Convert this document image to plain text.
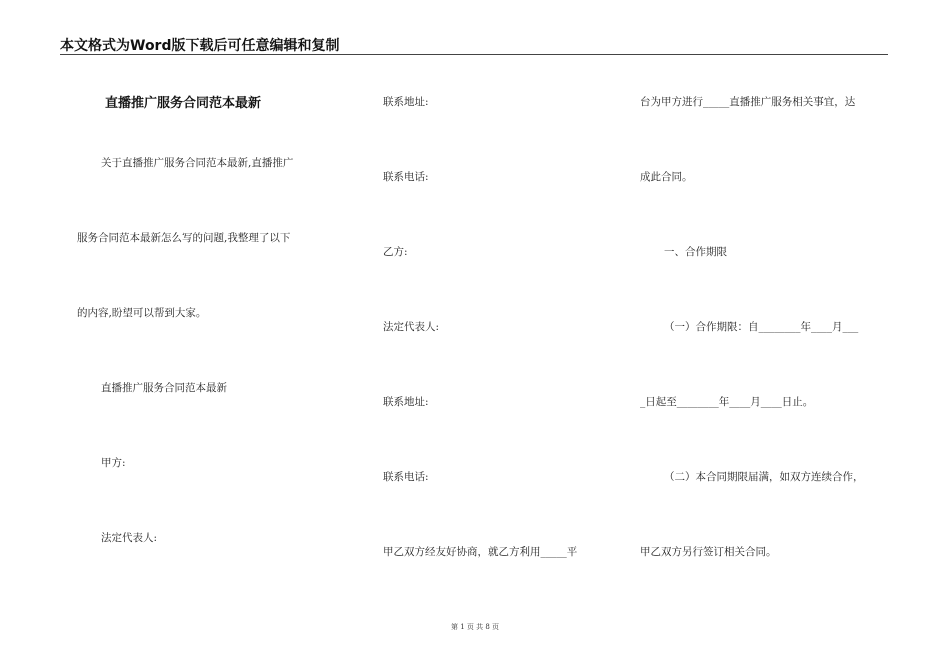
本文格式为Word版下载后可任意编辑和复制
直播推广服务合同范本最新
关于直播推广服务合同范本最新,直播推广
服务合同范本最新怎么写的问题,我整理了以下
的内容,盼望可以帮到大家。
直播推广服务合同范本最新
甲方:
法定代表人:
联系地址:
联系电话:
乙方:
法定代表人:
联系地址:
联系电话:
甲乙双方经友好协商，就乙方利用_____平
台为甲方进行_____直播推广服务相关事宜，达
成此合同。
一、合作期限
（一）合作期限：自________年____月___
_日起至________年____月____日止。
（二）本合同期限届满，如双方连续合作，
甲乙双方另行签订相关合同。
第 1 页 共 8 页
